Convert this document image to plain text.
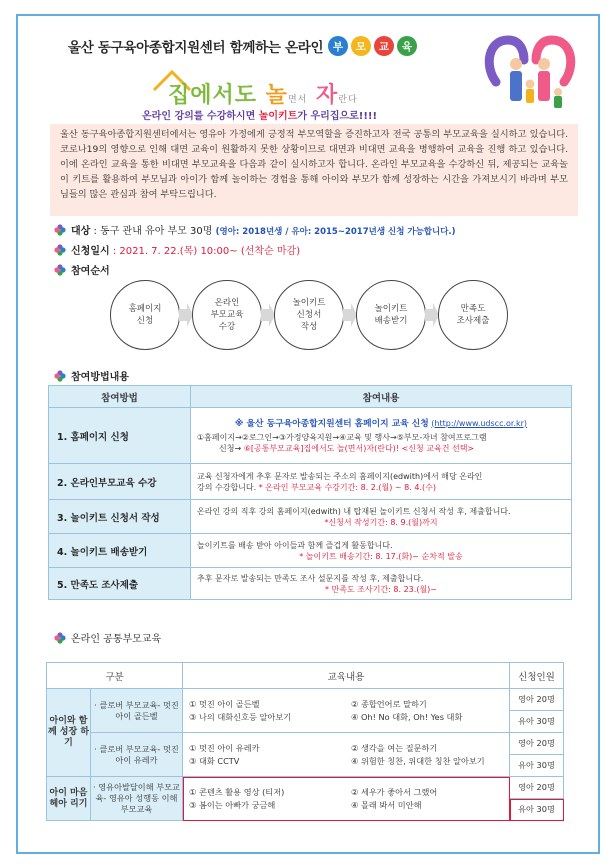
울산 동구육아종합지원센터 함께하는 온라인 부	모	교	육
집에서도 놀면서 자란다
온라인 강의를 수강하시면 놀이키트가 우리집으로!!!!
울산 동구육아종합지원센터에서는 영유아 가정에게 긍정적 부모역할을 증진하고자 전국 공통의 부모교육을 실시하고 있습니다. 코로나19의 영향으로 인해 대면 교육이 원활하지 못한 상황이므로 대면과 비대면 교육을 병행하여 교육을 진행 하고 있습니다. 이에 온라인 교육을 통한 비대면 부모교육을 다음과 같이 실시하고자 합니다. 온라인 부모교육을 수강하신 뒤, 제공되는 교육놀이 키트를 활용하여 부모님과 아이가 함께 놀이하는 경험을 통해 아이와 부모가 함께 성장하는 시간을 가져보시기 바라며 부모님들의 많은 관심과 참여 부탁드립니다.
대상 : 동구 관내 유아 부모 30명 (영아: 2018년생 / 유아: 2015~2017년생 신청 가능합니다.)
신청일시 : 2021. 7. 22.(목) 10:00~ (선착순 마감)
참여순서
홈페이지
신청
온라인
부모교육
수강
놀이키트
신청서
작성
놀이키트
배송받기
만족도
조사제출
참여방법내용
참여방법	참여내용
1. 홈페이지 신청	※ 울산 동구육아종합지원센터 홈페이지 교육 신청 (http://www.udscc.or.kr)
①홈페이지→②로그인→③가정양육지원→④교육 및 행사→⑤부모-자녀 참여프로그램
신청→ ⑥[공통부모교육]집에서도 놀(면서)자(란다)! <신청 교육건 선택>

2. 온라인부모교육 수강	교육 신청자에게 추후 문자로 발송되는 주소의 홈페이지(edwith)에서 해당 온라인
강의 수강합니다. * 온라인 부모교육 수강기간: 8. 2.(월) ~ 8. 4.(수)

3. 놀이키트 신청서 작성	온라인 강의 직후 강의 홈페이지(edwith) 내 탑재된 놀이키트 신청서 작성 후, 제출합니다.
*신청서 작성기간: 8. 9.(월)까지

4. 놀이키트 배송받기	놀이키트를 배송 받아 아이들과 함께 즐겁게 활동합니다.
* 놀이키트 배송기간: 8. 17.(화)~ 순차적 발송

5. 만족도 조사제출	추후 문자로 발송되는 만족도 조사 설문지를 작성 후, 제출합니다.
* 만족도 조사기간: 8. 23.(월)~
온라인 공통부모교육
구분		교육내용	신청인원
아이와 함께 성장 하기	· 클로버 부모교육- 멋진 아이 골든벨	① 멋진 아이 골든벨 ② 종합언어로 말하기
③ 나의 대화신호등 알아보기 ④ Oh! No 대화, Oh! Yes 대화	영아 20명
			유아 30명
	· 클로버 부모교육- 멋진 아이 유레카	① 멋진 아이 유레카 ② 생각을 여는 질문하기
③ 대화 CCTV ④ 위험한 칭찬, 위대한 칭찬 알아보기	영아 20명
			유아 30명
아이 마음 헤아 리기	· 영유아발달이해 부모교육- 영유아 성행동 이해 부모교육	① 콘텐츠 활용 영상 (티저) ② 세우가 좋아서 그랬어
③ 봄이는 아빠가 궁금해 ④ 몰래 봐서 미안해	영아 20명
			유아 30명
